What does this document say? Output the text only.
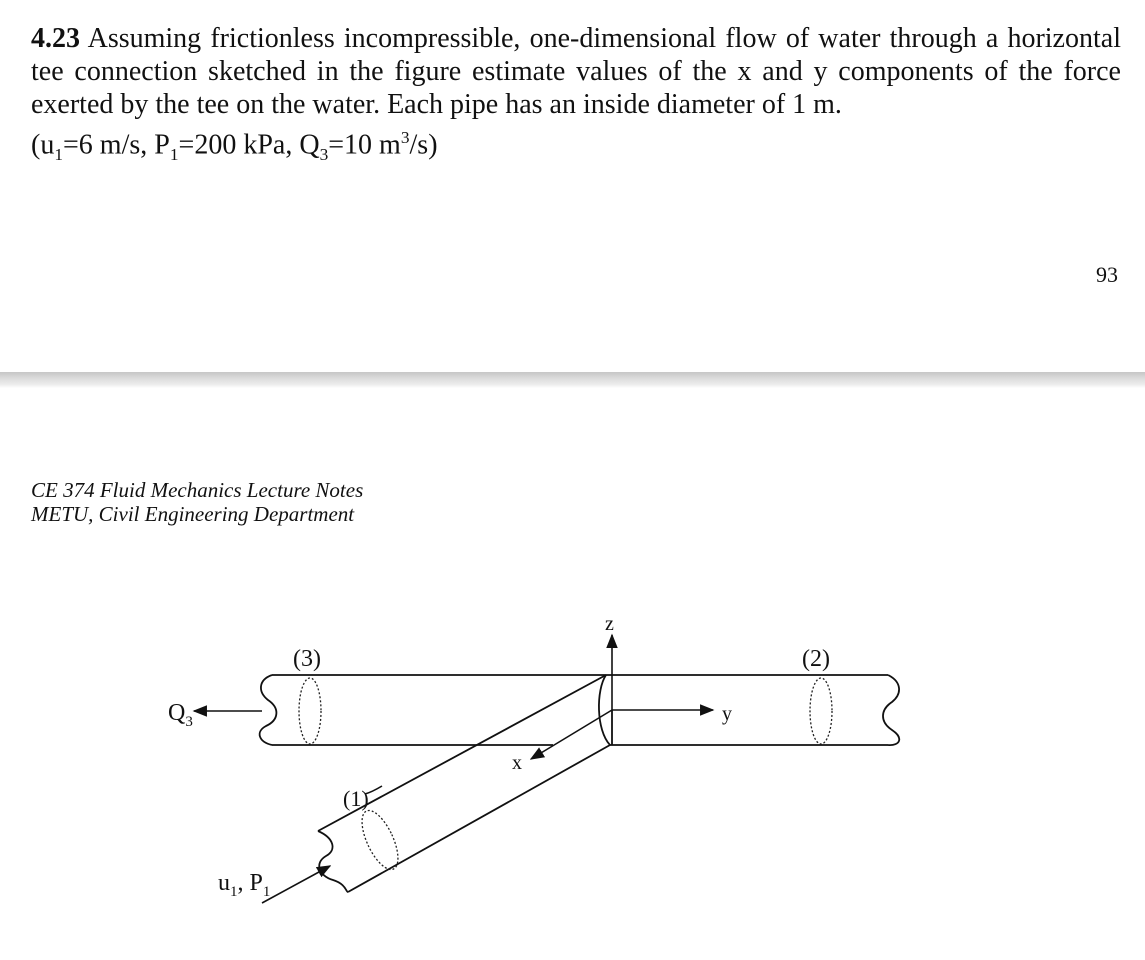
4.23 Assuming frictionless incompressible, one-dimensional flow of water through a horizontal tee connection sketched in the figure estimate values of the x and y components of the force exerted by the tee on the water. Each pipe has an inside diameter of 1 m.
($u_1=6$ m/s, $P_1=200$ kPa, $Q_3=10$ $m^3/s$)
93
CE 374 Fluid Mechanics Lecture Notes
METU, Civil Engineering Department
(3)	(2)
(1)
z
y
x
$Q_3$
$u_1$, $P_1$
